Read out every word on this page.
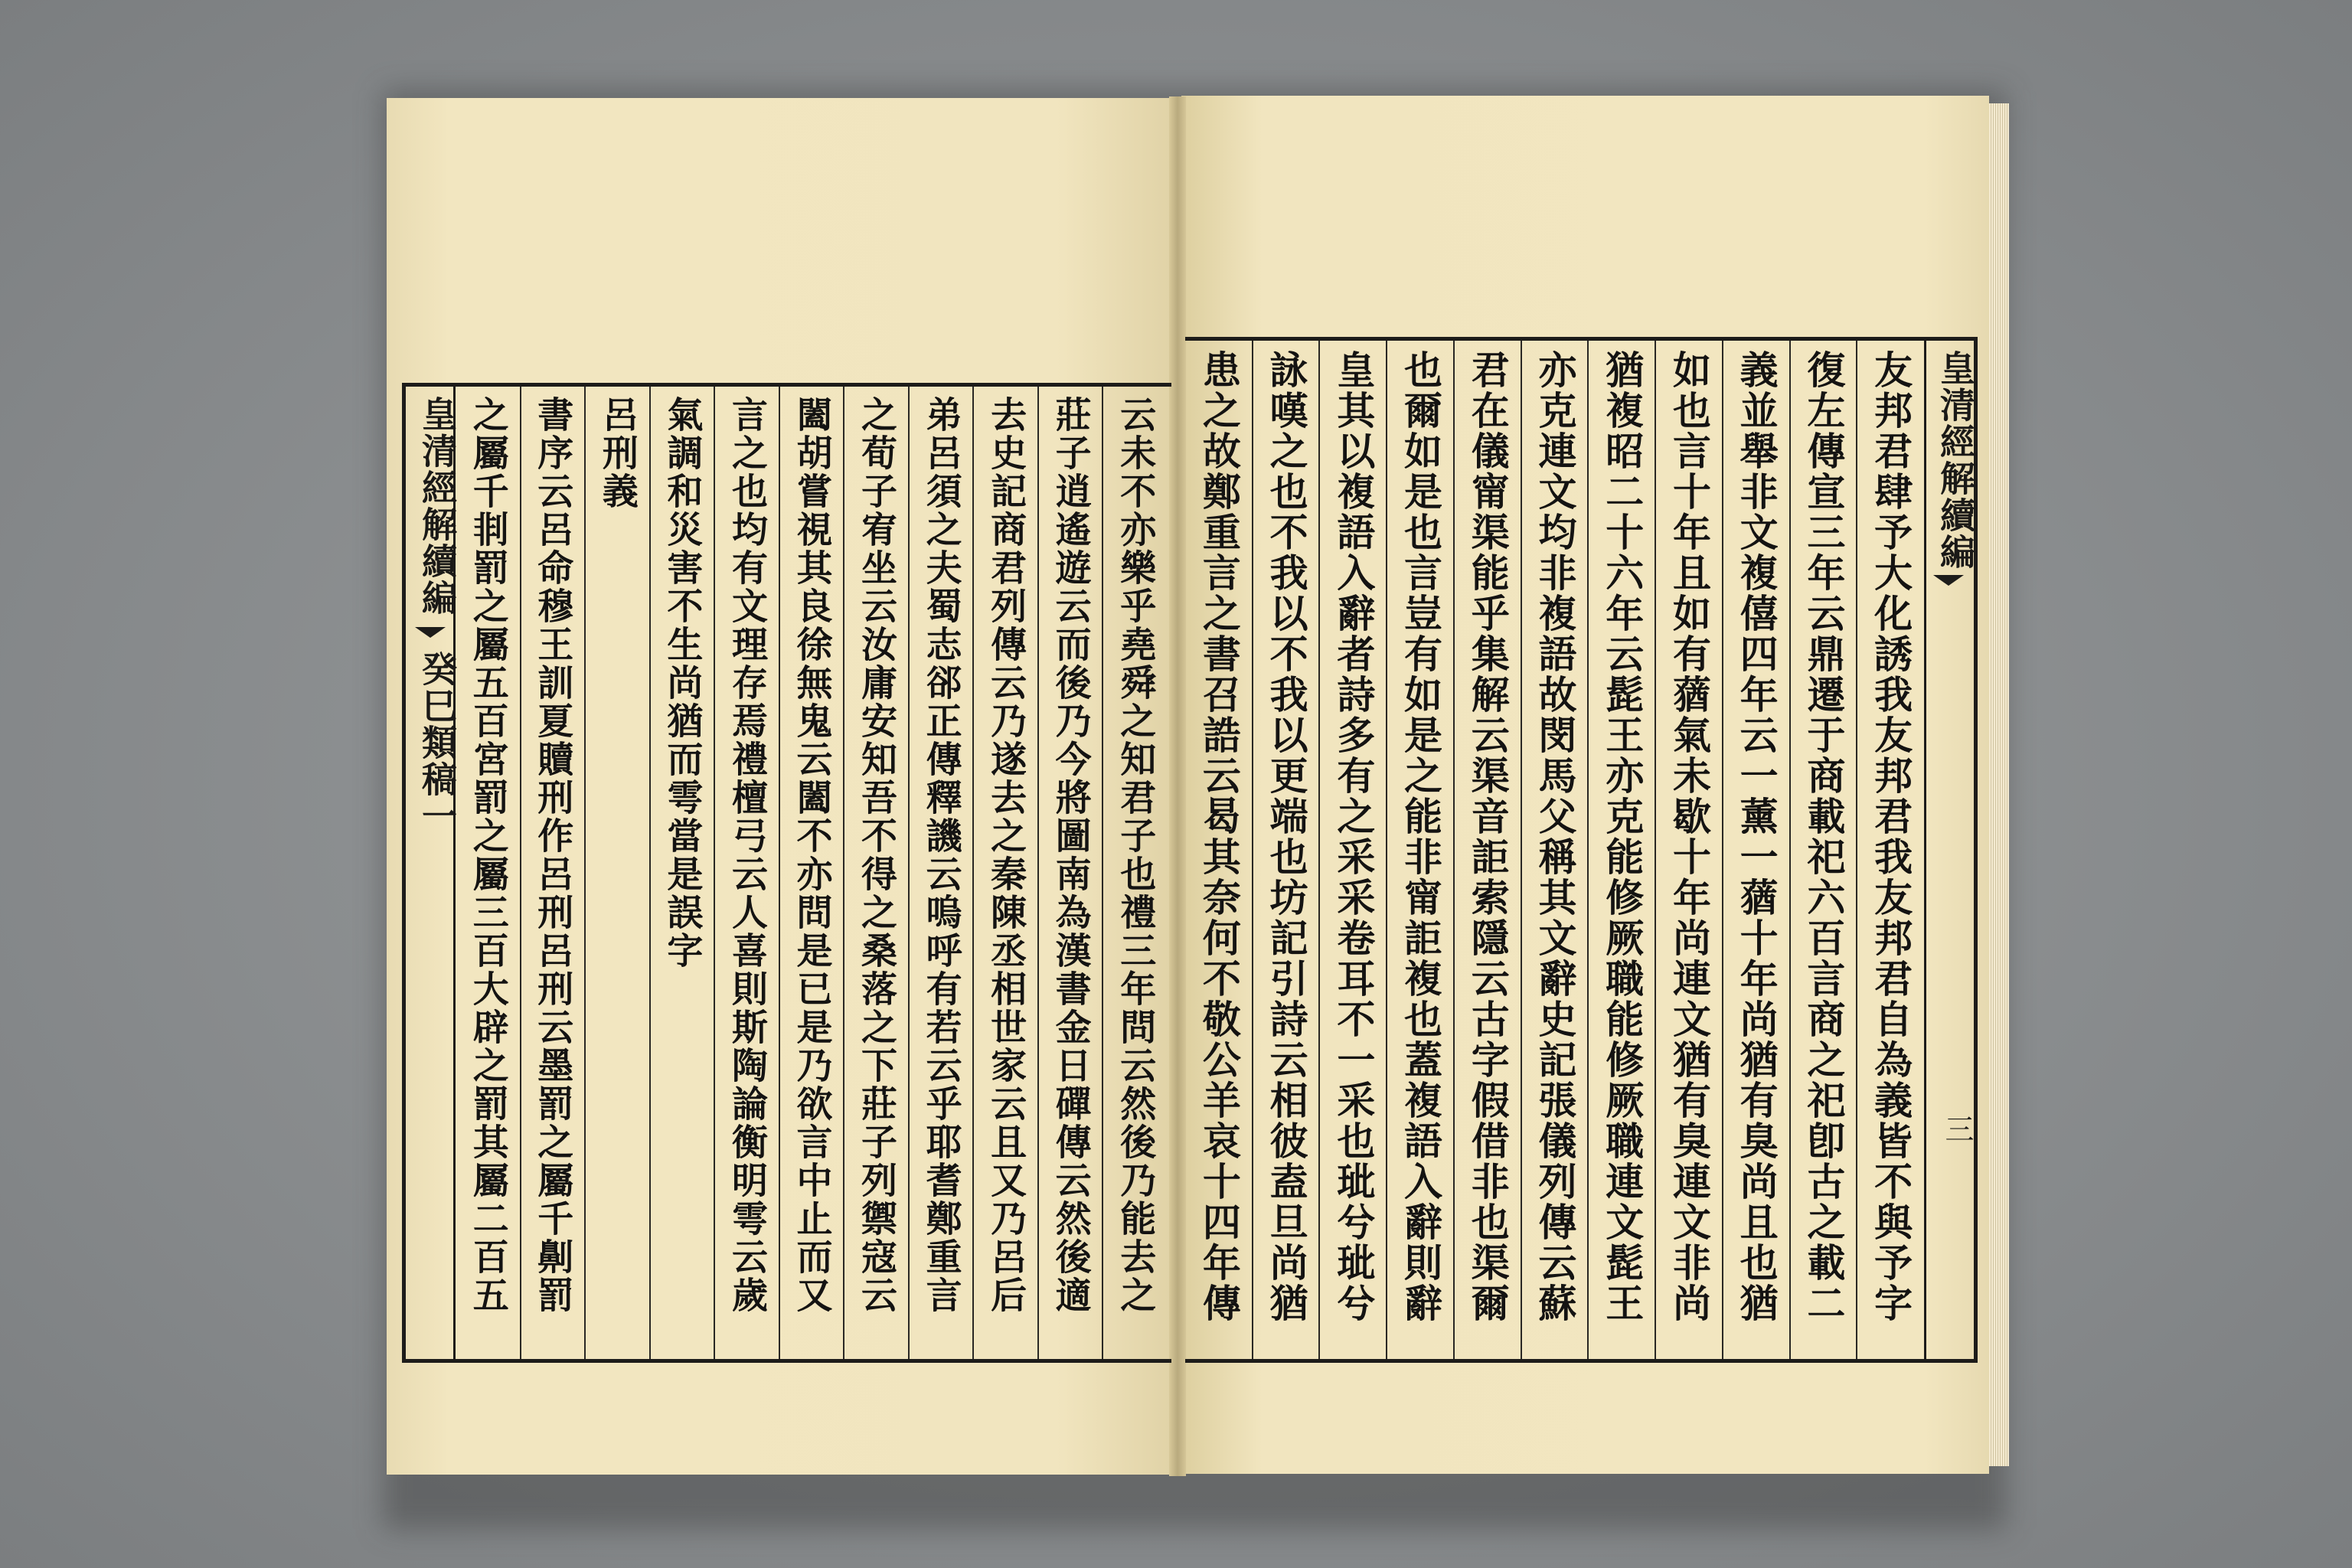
皇清經解續編
癸巳類稿一	云未不亦樂乎堯舜之知君子也禮三年問云然後乃能去之
莊子逍遙遊云而後乃今將圖南為漢書金日磾傳云然後適
去史記商君列傳云乃遂去之秦陳丞相世家云且又乃呂后
弟呂須之夫蜀志郤正傳釋譏云嗚呼有若云乎耶耆鄭重言
之荀子宥坐云汝庸安知吾不得之桑落之下莊子列禦寇云
闔胡嘗視其良徐無鬼云闔不亦問是已是乃欲言中止而又
言之也均有文理存焉禮檀弓云人喜則斯陶論衡明雩云歲
氣調和災害不生尚猶而雩當是誤字
呂刑義
書序云呂命穆王訓夏贖刑作呂刑呂刑云墨罰之屬千劓罰
之屬千剕罰之屬五百宮罰之屬三百大辟之罰其屬二百五	友邦君肆予大化誘我友邦君我友邦君自為義皆不與予字
復左傳宣三年云鼎遷于商載祀六百言商之祀卽古之載二
義並舉非文複僖四年云一薰一蕕十年尚猶有臭尚且也猶
如也言十年且如有蕕氣未歇十年尚連文猶有臭連文非尚
猶複昭二十六年云髭王亦克能修厥職能修厥職連文髭王
亦克連文均非複語故閔馬父稱其文辭史記張儀列傳云蘇
君在儀甯渠能乎集解云渠音詎索隱云古字假借非也渠爾
也爾如是也言豈有如是之能非甯詎複也蓋複語入辭則辭
皇其以複語入辭者詩多有之采采卷耳不一采也玼兮玼兮
詠嘆之也不我以不我以更端也坊記引詩云相彼盍旦尚猶
患之故鄭重言之書召誥云曷其奈何不敬公羊哀十四年傳	皇清經解續編
三
